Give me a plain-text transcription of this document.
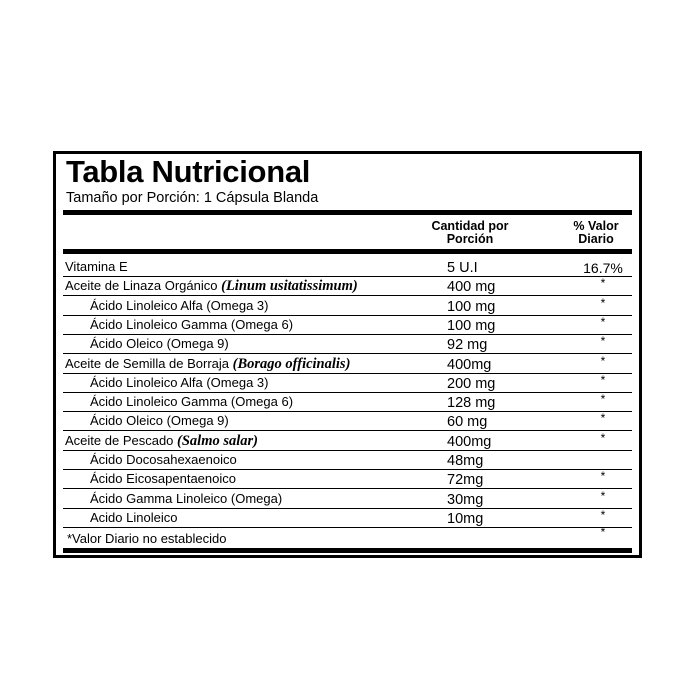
Tabla Nutricional
Tamaño por Porción: 1 Cápsula Blanda
Cantidad por Porción
% Valor Diario
Vitamina E	5 U.I	16.7%
Aceite de Linaza Orgánico (Linum usitatissimum)	400 mg	*
Ácido Linoleico Alfa (Omega 3)	100 mg	*
Ácido Linoleico Gamma (Omega 6)	100 mg	*
Ácido Oleico (Omega 9)	92 mg	*
Aceite de Semilla de Borraja (Borago officinalis)	400mg	*
Ácido Linoleico Alfa (Omega 3)	200 mg	*
Ácido Linoleico Gamma (Omega 6)	128 mg	*
Ácido Oleico (Omega 9)	60 mg	*
Aceite de Pescado (Salmo salar)	400mg	*
Ácido Docosahexaenoico	48mg
Ácido Eicosapentaenoico	72mg	*
Ácido Gamma Linoleico (Omega)	30mg	*
Acido Linoleico	10mg	*
*Valor Diario no establecido	*
